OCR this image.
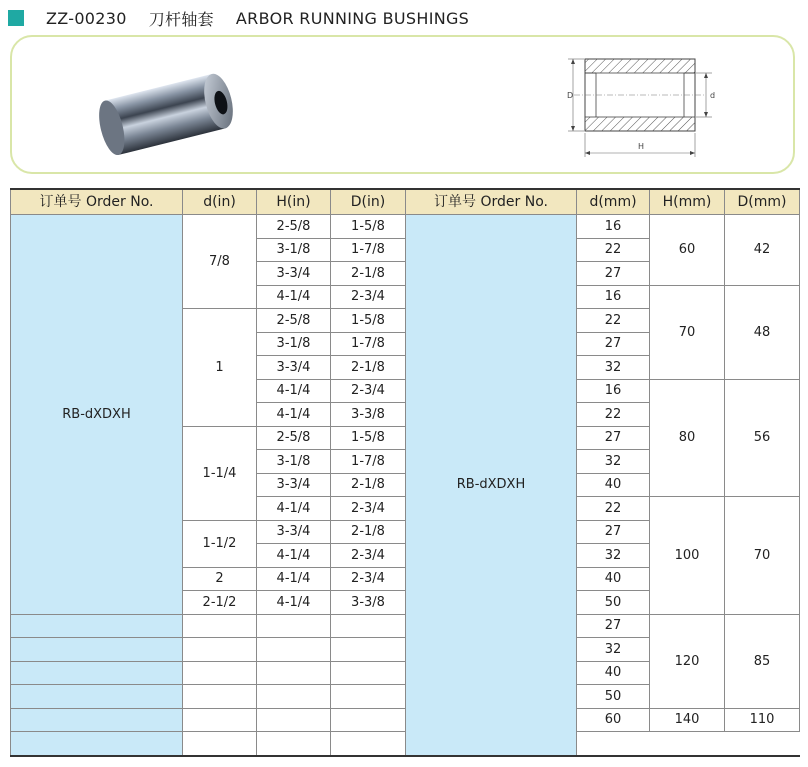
ZZ-00230 刀杆轴套 ARBOR RUNNING BUSHINGS
D	d
H
订单号 Order No.	d(in)	H(in)	D(in)	订单号 Order No.	d(mm)	H(mm)	D(mm)
RB-dXDXH	7/8	2-5/8	1-5/8	RB-dXDXH	16	60	42
		3-1/8	1-7/8		22		
		3-3/4	2-1/8		27		
		4-1/4	2-3/4		16	70	48
	1	2-5/8	1-5/8		22		
		3-1/8	1-7/8		27		
		3-3/4	2-1/8		32		
		4-1/4	2-3/4		16	80	56
		4-1/4	3-3/8		22		
	1-1/4	2-5/8	1-5/8		27		
		3-1/8	1-7/8		32		
		3-3/4	2-1/8		40		
		4-1/4	2-3/4		22	100	70
	1-1/2	3-3/4	2-1/8		27		
		4-1/4	2-3/4		32		
	2	4-1/4	2-3/4		40		
	2-1/2	4-1/4	3-3/8		50		
					27	120	85
					32		
					40		
					50		
					60	140	110
